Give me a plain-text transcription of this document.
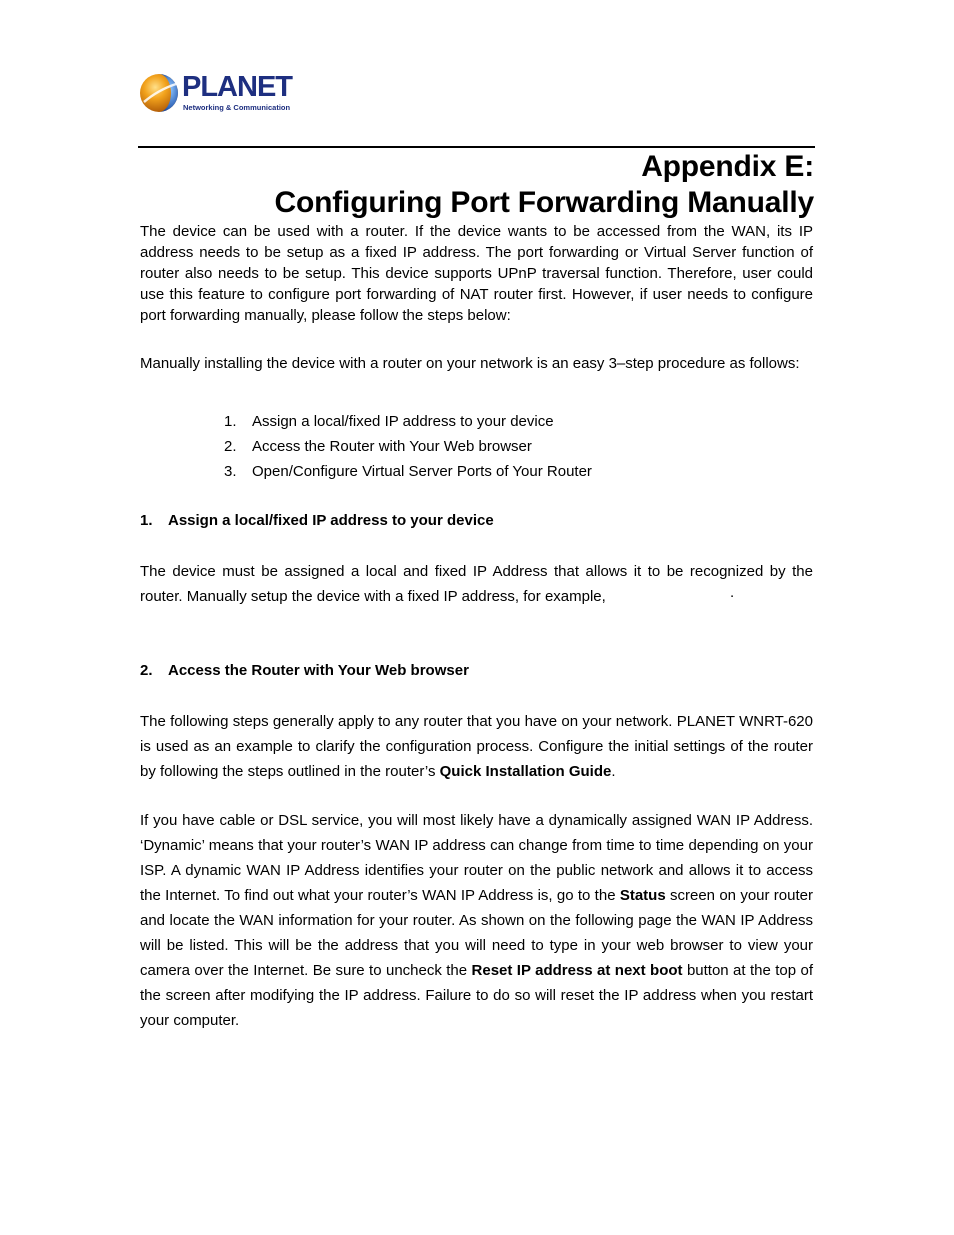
PLANET
Networking & Communication
Appendix E:
Configuring Port Forwarding Manually
The device can be used with a router. If the device wants to be accessed from the WAN, its IP address needs to be setup as a fixed IP address. The port forwarding or Virtual Server function of router also needs to be setup. This device supports UPnP traversal function. Therefore, user could use this feature to configure port forwarding of NAT router first. However, if user needs to configure port forwarding manually, please follow the steps below:
Manually installing the device with a router on your network is an easy 3–step procedure as follows:
1. Assign a local/fixed IP address to your device
2. Access the Router with Your Web browser
3. Open/Configure Virtual Server Ports of Your Router
1. Assign a local/fixed IP address to your device
The device must be assigned a local and fixed IP Address that allows it to be recognized by the router. Manually setup the device with a fixed IP address, for example,	.
2. Access the Router with Your Web browser
The following steps generally apply to any router that you have on your network. PLANET WNRT-620 is used as an example to clarify the configuration process. Configure the initial settings of the router by following the steps outlined in the router’s Quick Installation Guide.
If you have cable or DSL service, you will most likely have a dynamically assigned WAN IP Address. ‘Dynamic’ means that your router’s WAN IP address can change from time to time depending on your ISP. A dynamic WAN IP Address identifies your router on the public network and allows it to access the Internet. To find out what your router’s WAN IP Address is, go to the Status screen on your router and locate the WAN information for your router. As shown on the following page the WAN IP Address will be listed. This will be the address that you will need to type in your web browser to view your camera over the Internet. Be sure to uncheck the Reset IP address at next boot button at the top of the screen after modifying the IP address. Failure to do so will reset the IP address when you restart your computer.
